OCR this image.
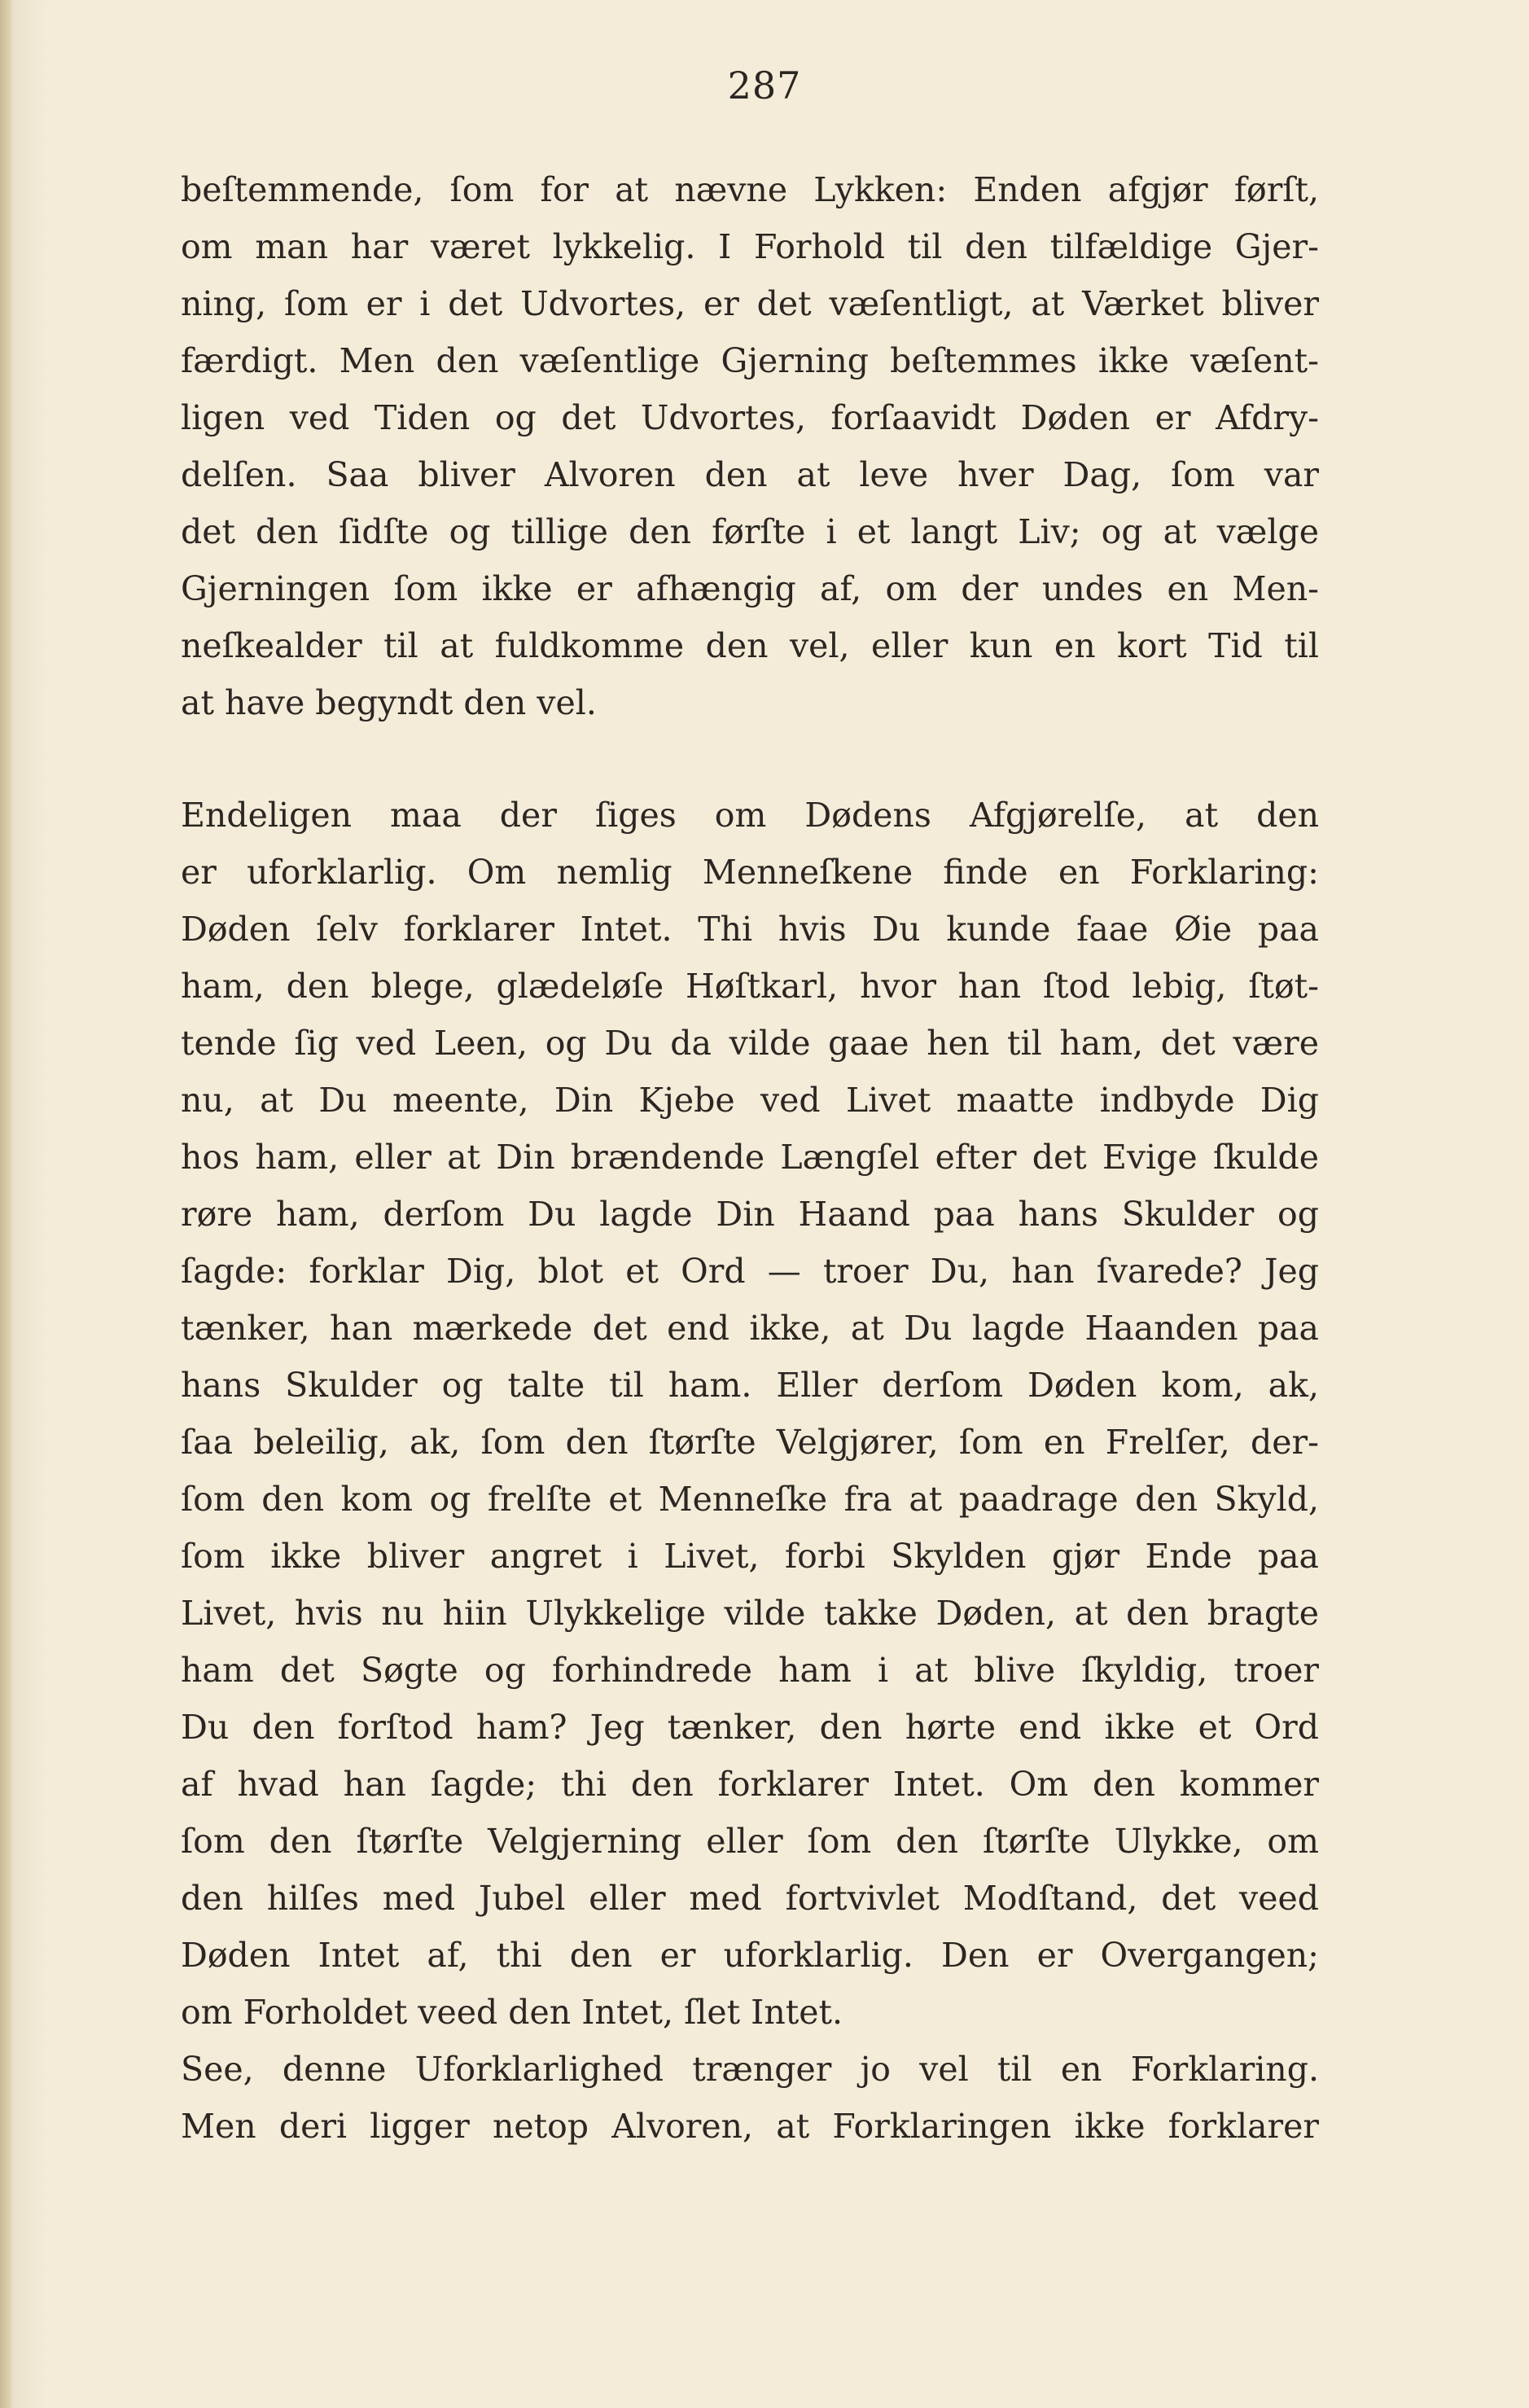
287
beſtemmende, ſom for at nævne Lykken: Enden afgjør førſt,
om man har været lykkelig. I Forhold til den tilfældige Gjer-
ning, ſom er i det Udvortes, er det væſentligt, at Værket bliver
færdigt. Men den væſentlige Gjerning beſtemmes ikke væſent-
ligen ved Tiden og det Udvortes, forſaavidt Døden er Afdry-
delſen. Saa bliver Alvoren den at leve hver Dag, ſom var
det den ſidſte og tillige den førſte i et langt Liv; og at vælge
Gjerningen ſom ikke er afhængig af, om der undes en Men-
neſkealder til at fuldkomme den vel, eller kun en kort Tid til
at have begyndt den vel.
Endeligen maa der ſiges om Dødens Afgjørelſe, at den
er uforklarlig. Om nemlig Menneſkene finde en Forklaring:
Døden ſelv forklarer Intet. Thi hvis Du kunde faae Øie paa
ham, den blege, glædeløſe Høſtkarl, hvor han ſtod lebig, ſtøt-
tende ſig ved Leen, og Du da vilde gaae hen til ham, det være
nu, at Du meente, Din Kjebe ved Livet maatte indbyde Dig
hos ham, eller at Din brændende Længſel efter det Evige ſkulde
røre ham, derſom Du lagde Din Haand paa hans Skulder og
ſagde: forklar Dig, blot et Ord — troer Du, han ſvarede? Jeg
tænker, han mærkede det end ikke, at Du lagde Haanden paa
hans Skulder og talte til ham. Eller derſom Døden kom, ak,
ſaa beleilig, ak, ſom den ſtørſte Velgjører, ſom en Frelſer, der-
ſom den kom og frelſte et Menneſke fra at paadrage den Skyld,
ſom ikke bliver angret i Livet, forbi Skylden gjør Ende paa
Livet, hvis nu hiin Ulykkelige vilde takke Døden, at den bragte
ham det Søgte og forhindrede ham i at blive ſkyldig, troer
Du den forſtod ham? Jeg tænker, den hørte end ikke et Ord
af hvad han ſagde; thi den forklarer Intet. Om den kommer
ſom den ſtørſte Velgjerning eller ſom den ſtørſte Ulykke, om
den hilſes med Jubel eller med fortvivlet Modſtand, det veed
Døden Intet af, thi den er uforklarlig. Den er Overgangen;
om Forholdet veed den Intet, ſlet Intet.
See, denne Uforklarlighed trænger jo vel til en Forklaring.
Men deri ligger netop Alvoren, at Forklaringen ikke forklarer
